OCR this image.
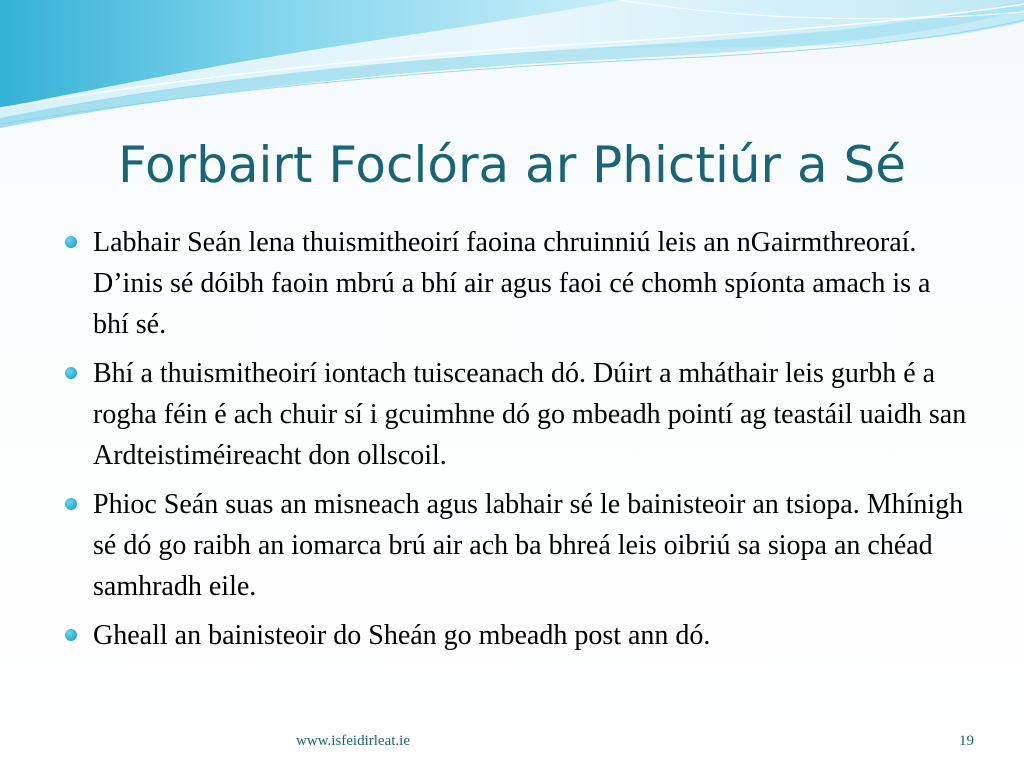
Forbairt Foclóra ar Phictiúr a Sé
Labhair Seán lena thuismitheoirí faoina chruinniú leis an nGairmthreoraí. D’inis sé dóibh faoin mbrú a bhí air agus faoi cé chomh spíonta amach is a bhí sé.
Bhí a thuismitheoirí iontach tuisceanach dó. Dúirt a mháthair leis gurbh é a rogha féin é ach chuir sí i gcuimhne dó go mbeadh pointí ag teastáil uaidh san Ardteistiméireacht don ollscoil.
Phioc Seán suas an misneach agus labhair sé le bainisteoir an tsiopa. Mhínigh sé dó go raibh an iomarca brú air ach ba bhreá leis oibriú sa siopa an chéad samhradh eile.
Gheall an bainisteoir do Sheán go mbeadh post ann dó.
www.isfeidirleat.ie	19
